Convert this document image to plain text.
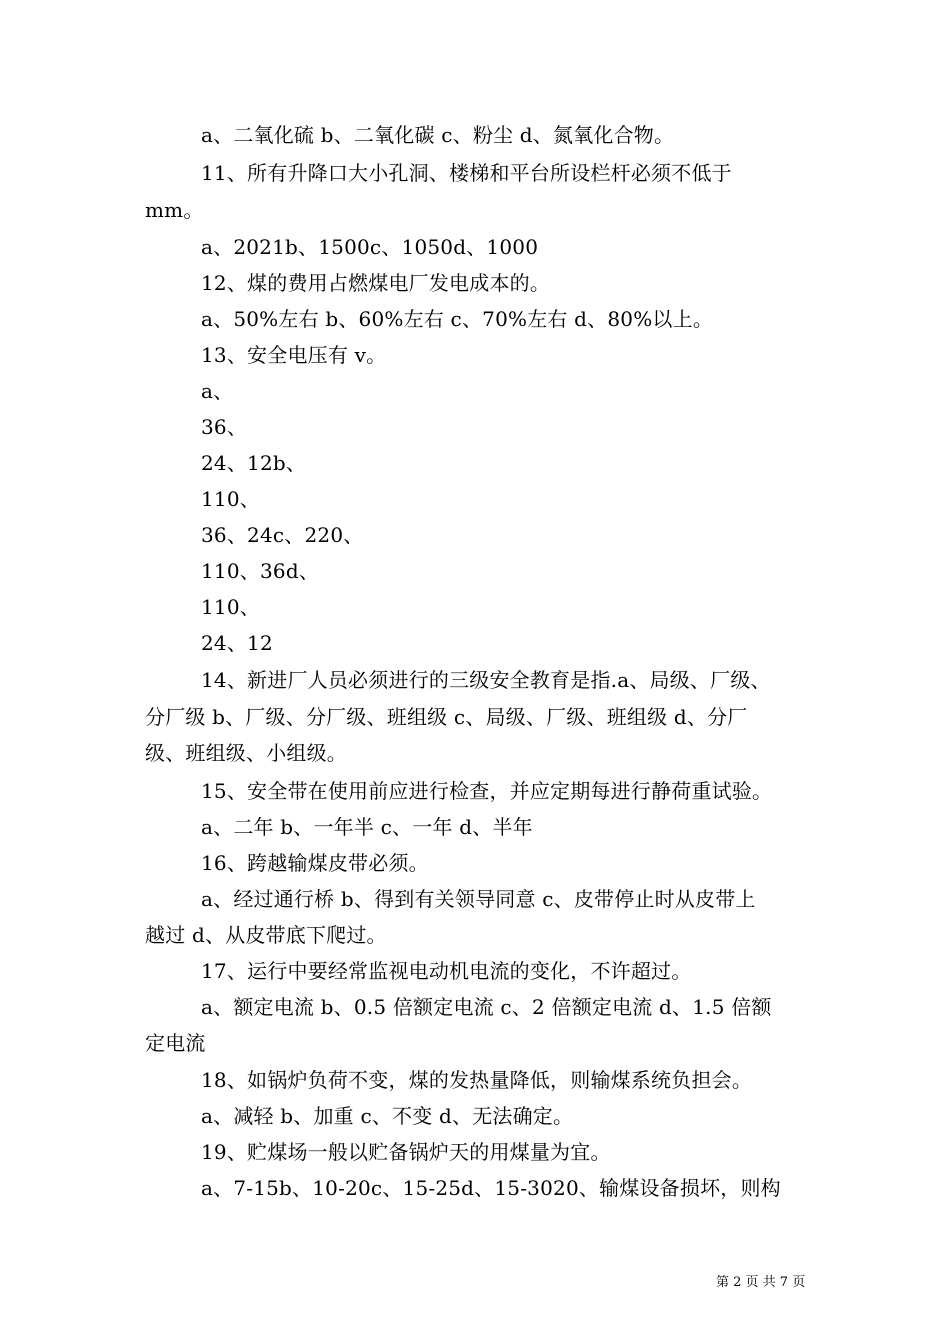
a、二氧化硫 b、二氧化碳 c、粉尘 d、氮氧化合物。
11、所有升降口大小孔洞、楼梯和平台所设栏杆必须不低于
mm。
a、2021b、1500c、1050d、1000
12、煤的费用占燃煤电厂发电成本的。
a、50%左右 b、60%左右 c、70%左右 d、80%以上。
13、安全电压有 v。
a、
36、
24、12b、
110、
36、24c、220、
110、36d、
110、
24、12
14、新进厂人员必须进行的三级安全教育是指.a、局级、厂级、
分厂级 b、厂级、分厂级、班组级 c、局级、厂级、班组级 d、分厂
级、班组级、小组级。
15、安全带在使用前应进行检查，并应定期每进行静荷重试验。
a、二年 b、一年半 c、一年 d、半年
16、跨越输煤皮带必须。
a、经过通行桥 b、得到有关领导同意 c、皮带停止时从皮带上
越过 d、从皮带底下爬过。
17、运行中要经常监视电动机电流的变化，不许超过。
a、额定电流 b、0.5 倍额定电流 c、2 倍额定电流 d、1.5 倍额
定电流
18、如锅炉负荷不变，煤的发热量降低，则输煤系统负担会。
a、减轻 b、加重 c、不变 d、无法确定。
19、贮煤场一般以贮备锅炉天的用煤量为宜。
a、7-15b、10-20c、15-25d、15-3020、输煤设备损坏，则构
第 2 页 共 7 页
